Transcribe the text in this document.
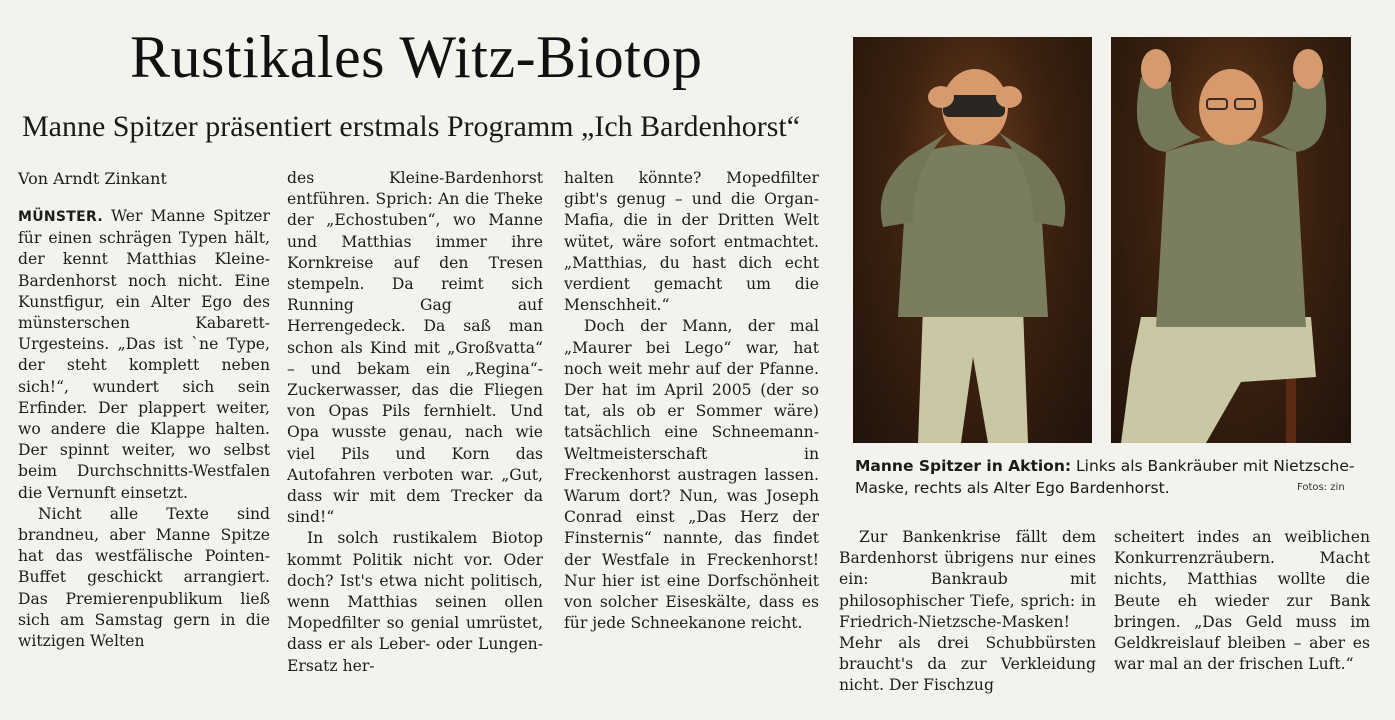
Rustikales Witz-Biotop
Manne Spitzer präsentiert erstmals Programm „Ich Bardenhorst“
Von Arndt Zinkant

MÜNSTER. Wer Manne Spitzer für einen schrägen Typen hält, der kennt Matthias Kleine-Bardenhorst noch nicht. Eine Kunstfigur, ein Alter Ego des münsterschen Kabarett-Urgesteins. „Das ist `ne Type, der steht komplett neben sich!“, wundert sich sein Erfinder. Der plappert weiter, wo andere die Klappe halten. Der spinnt weiter, wo selbst beim Durchschnitts-Westfalen die Vernunft einsetzt.

Nicht alle Texte sind brandneu, aber Manne Spitze hat das westfälische Pointen-Buffet geschickt arrangiert. Das Premierenpublikum ließ sich am Samstag gern in die witzigen Welten

des Kleine-Bardenhorst entführen. Sprich: An die Theke der „Echostuben“, wo Manne und Matthias immer ihre Kornkreise auf den Tresen stempeln. Da reimt sich Running Gag auf Herrengedeck. Da saß man schon als Kind mit „Großvatta“ – und bekam ein „Regina“-Zuckerwasser, das die Fliegen von Opas Pils fernhielt. Und Opa wusste genau, nach wie viel Pils und Korn das Autofahren verboten war. „Gut, dass wir mit dem Trecker da sind!“

In solch rustikalem Biotop kommt Politik nicht vor. Oder doch? Ist's etwa nicht politisch, wenn Matthias seinen ollen Mopedfilter so genial umrüstet, dass er als Leber- oder Lungen-Ersatz her-

halten könnte? Mopedfilter gibt's genug – und die Organ-Mafia, die in der Dritten Welt wütet, wäre sofort entmachtet. „Matthias, du hast dich echt verdient gemacht um die Menschheit.“

Doch der Mann, der mal „Maurer bei Lego“ war, hat noch weit mehr auf der Pfanne. Der hat im April 2005 (der so tat, als ob er Sommer wäre) tatsächlich eine Schneemann-Weltmeisterschaft in Freckenhorst austragen lassen. Warum dort? Nun, was Joseph Conrad einst „Das Herz der Finsternis“ nannte, das findet der Westfale in Freckenhorst! Nur hier ist eine Dorfschönheit von solcher Eiseskälte, dass es für jede Schneekanone reicht.

Manne Spitzer in Aktion: Links als Bankräuber mit Nietzsche-Maske, rechts als Alter Ego Bardenhorst.	Fotos: zin

Zur Bankenkrise fällt dem Bardenhorst übrigens nur eines ein: Bankraub mit philosophischer Tiefe, sprich: in Friedrich-Nietzsche-Masken! Mehr als drei Schubbürsten braucht's da zur Verkleidung nicht. Der Fischzug

scheitert indes an weiblichen Konkurrenzräubern. Macht nichts, Matthias wollte die Beute eh wieder zur Bank bringen. „Das Geld muss im Geldkreislauf bleiben – aber es war mal an der frischen Luft.“
